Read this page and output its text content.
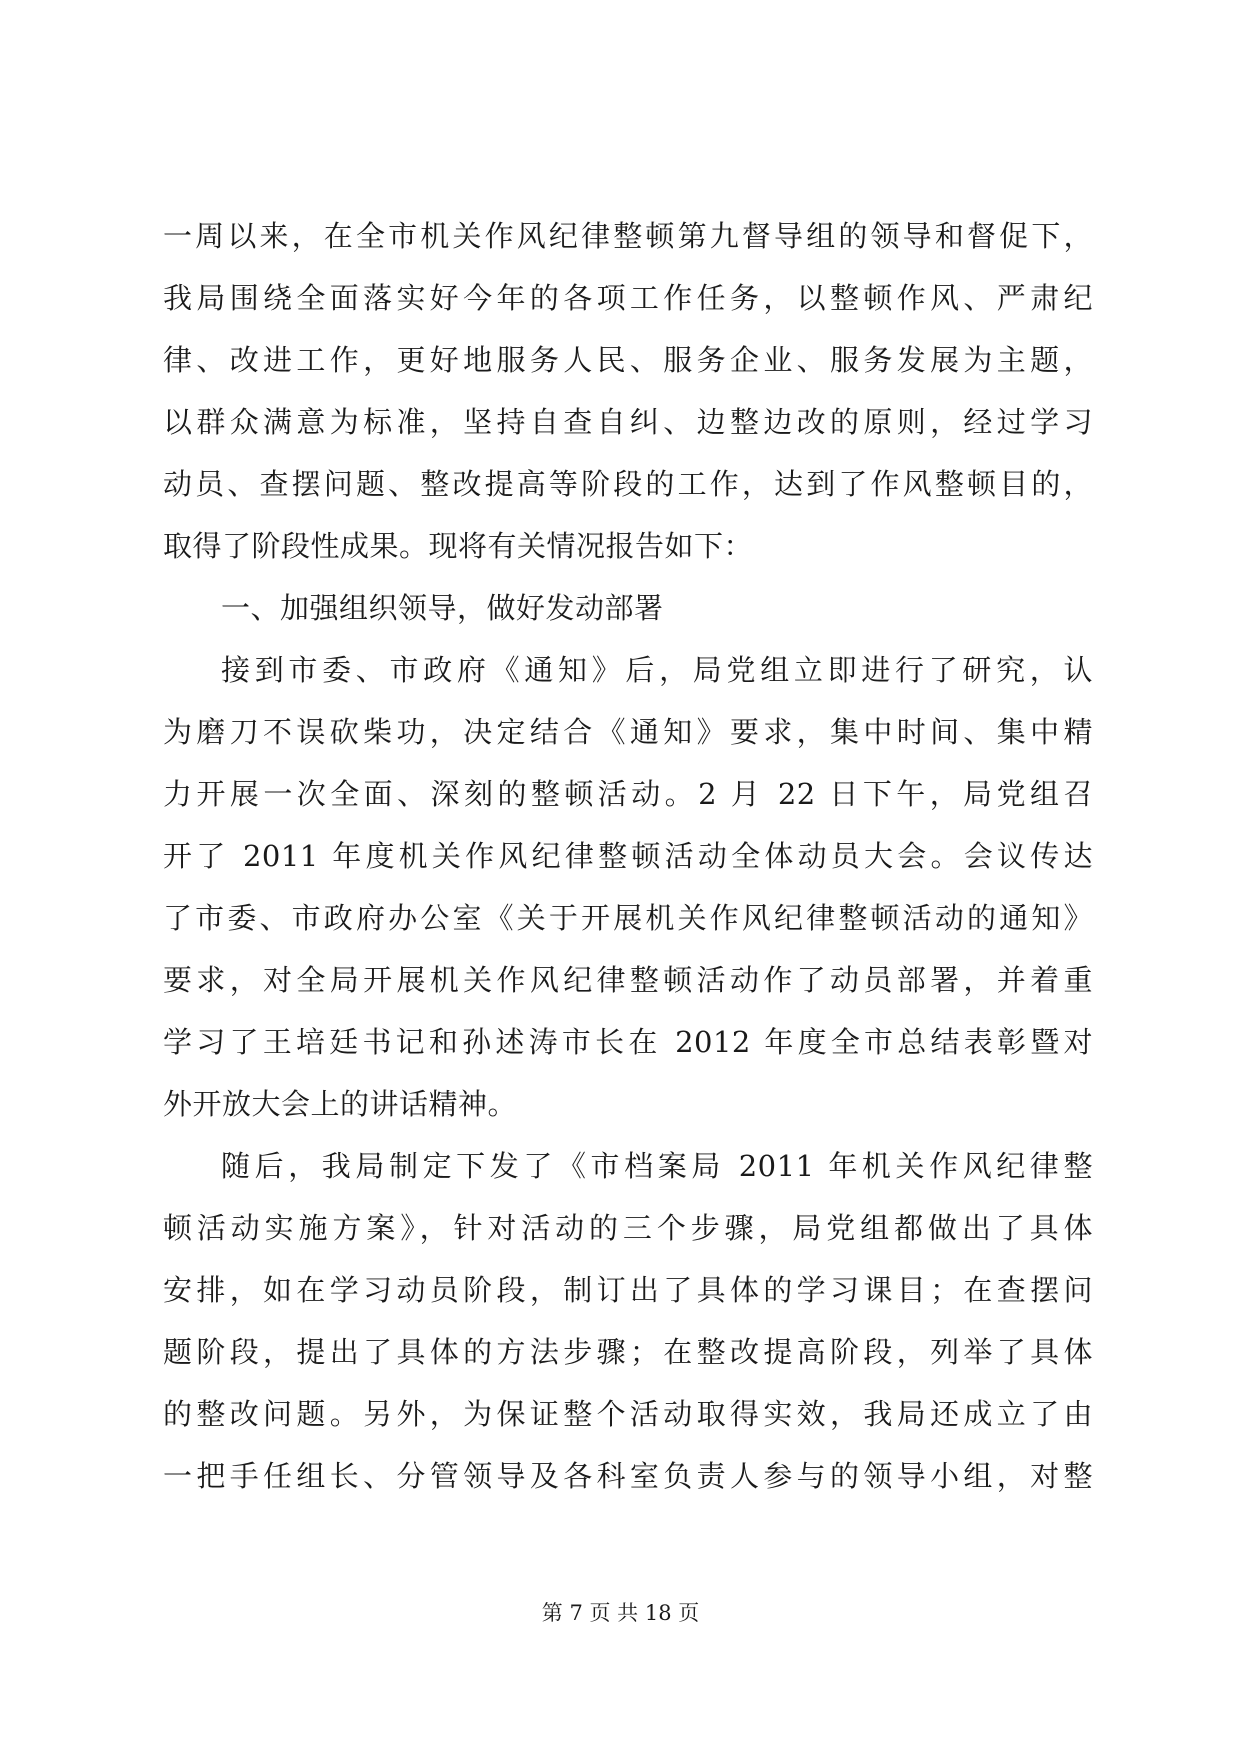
一周以来，在全市机关作风纪律整顿第九督导组的领导和督促下，
我局围绕全面落实好今年的各项工作任务，以整顿作风、严肃纪
律、改进工作，更好地服务人民、服务企业、服务发展为主题，
以群众满意为标准，坚持自查自纠、边整边改的原则，经过学习
动员、查摆问题、整改提高等阶段的工作，达到了作风整顿目的，
取得了阶段性成果。现将有关情况报告如下：
一、加强组织领导，做好发动部署
接到市委、市政府《通知》后，局党组立即进行了研究，认
为磨刀不误砍柴功，决定结合《通知》要求，集中时间、集中精
力开展一次全面、深刻的整顿活动。2 月 22 日下午，局党组召
开了 2011 年度机关作风纪律整顿活动全体动员大会。会议传达
了市委、市政府办公室《关于开展机关作风纪律整顿活动的通知》
要求，对全局开展机关作风纪律整顿活动作了动员部署，并着重
学习了王培廷书记和孙述涛市长在 2012 年度全市总结表彰暨对
外开放大会上的讲话精神。
随后，我局制定下发了《市档案局 2011 年机关作风纪律整
顿活动实施方案》，针对活动的三个步骤，局党组都做出了具体
安排，如在学习动员阶段，制订出了具体的学习课目；在查摆问
题阶段，提出了具体的方法步骤；在整改提高阶段，列举了具体
的整改问题。另外，为保证整个活动取得实效，我局还成立了由
一把手任组长、分管领导及各科室负责人参与的领导小组，对整
第 7 页 共 18 页
